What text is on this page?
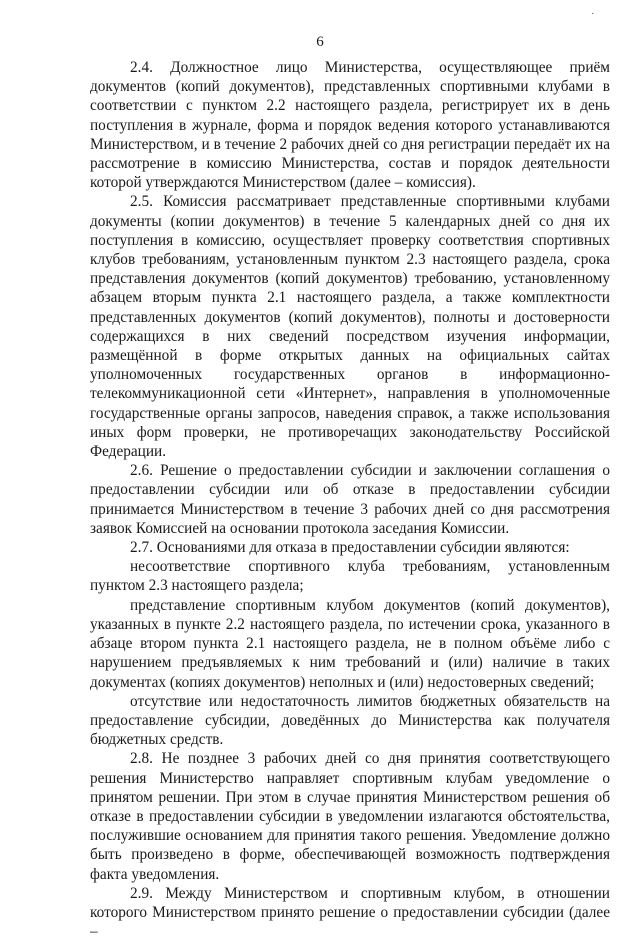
·
6

2.4. Должностное лицо Министерства, осуществляющее приём документов (копий документов), представленных спортивными клубами в соответствии с пунктом 2.2 настоящего раздела, регистрирует их в день поступления в журнале, форма и порядок ведения которого устанавливаются Министерством, и в течение 2 рабочих дней со дня регистрации передаёт их на рассмотрение в комиссию Министерства, состав и порядок деятельности которой утверждаются Министерством (далее – комиссия).

2.5. Комиссия рассматривает представленные спортивными клубами документы (копии документов) в течение 5 календарных дней со дня их поступления в комиссию, осуществляет проверку соответствия спортивных клубов требованиям, установленным пунктом 2.3 настоящего раздела, срока представления документов (копий документов) требованию, установленному абзацем вторым пункта 2.1 настоящего раздела, а также комплектности представленных документов (копий документов), полноты и достоверности содержащихся в них сведений посредством изучения информации, размещённой в форме открытых данных на официальных сайтах уполномоченных государственных органов в информационно-телекоммуникационной сети «Интернет», направления в уполномоченные государственные органы запросов, наведения справок, а также использования иных форм проверки, не противоречащих законодательству Российской Федерации.

2.6. Решение о предоставлении субсидии и заключении соглашения о предоставлении субсидии или об отказе в предоставлении субсидии принимается Министерством в течение 3 рабочих дней со дня рассмотрения заявок Комиссией на основании протокола заседания Комиссии.

2.7. Основаниями для отказа в предоставлении субсидии являются:

несоответствие спортивного клуба требованиям, установленным пунктом 2.3 настоящего раздела;

представление спортивным клубом документов (копий документов), указанных в пункте 2.2 настоящего раздела, по истечении срока, указанного в абзаце втором пункта 2.1 настоящего раздела, не в полном объёме либо с нарушением предъявляемых к ним требований и (или) наличие в таких документах (копиях документов) неполных и (или) недостоверных сведений;

отсутствие или недостаточность лимитов бюджетных обязательств на предоставление субсидии, доведённых до Министерства как получателя бюджетных средств.

2.8. Не позднее 3 рабочих дней со дня принятия соответствующего решения Министерство направляет спортивным клубам уведомление о принятом решении. При этом в случае принятия Министерством решения об отказе в предоставлении субсидии в уведомлении излагаются обстоятельства, послужившие основанием для принятия такого решения. Уведомление должно быть произведено в форме, обеспечивающей возможность подтверждения факта уведомления.

2.9. Между Министерством и спортивным клубом, в отношении которого Министерством принято решение о предоставлении субсидии (далее –
